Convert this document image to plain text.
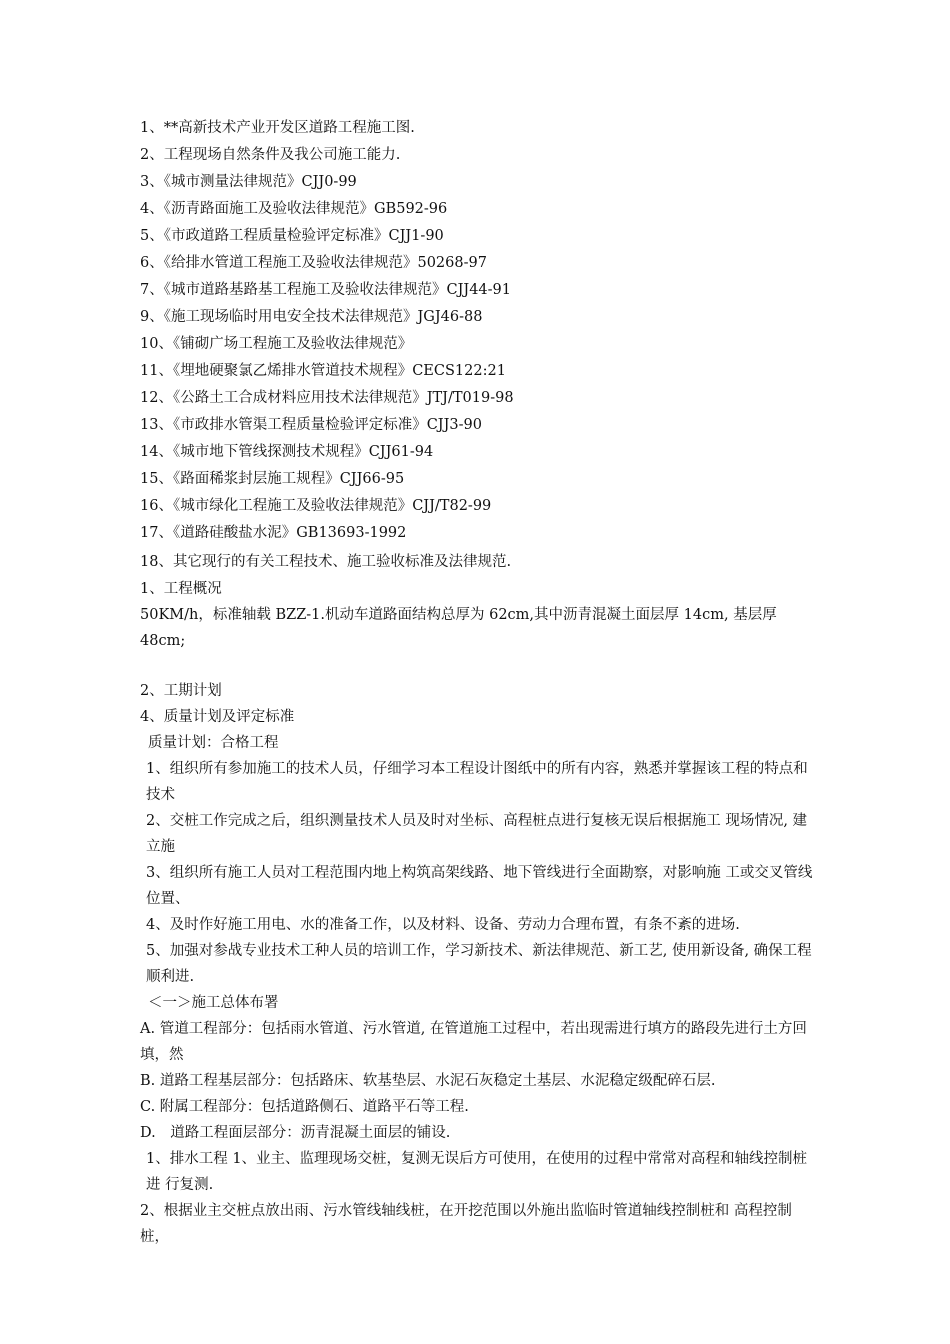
1、**高新技术产业开发区道路工程施工图.
2、工程现场自然条件及我公司施工能力.
3、《城市测量法律规范》CJJ0-99
4、《沥青路面施工及验收法律规范》GB592-96
5、《市政道路工程质量检验评定标准》CJJ1-90
6、《给排水管道工程施工及验收法律规范》50268-97
7、《城市道路基路基工程施工及验收法律规范》CJJ44-91
9、《施工现场临时用电安全技术法律规范》JGJ46-88
10、《铺砌广场工程施工及验收法律规范》
11、《埋地硬聚氯乙烯排水管道技术规程》CECS122:21
12、《公路土工合成材料应用技术法律规范》JTJ/T019-98
13、《市政排水管渠工程质量检验评定标准》CJJ3-90
14、《城市地下管线探测技术规程》CJJ61-94
15、《路面稀浆封层施工规程》CJJ66-95
16、《城市绿化工程施工及验收法律规范》CJJ/T82-99
17、《道路硅酸盐水泥》GB13693-1992
18、其它现行的有关工程技术、施工验收标准及法律规范.
1、工程概况
50KM/h，标准轴载 BZZ-1.机动车道路面结构总厚为 62cm,其中沥青混凝土面层厚 14cm, 基层厚 48cm;
2、工期计划
4、质量计划及评定标准
质量计划：合格工程
1、组织所有参加施工的技术人员，仔细学习本工程设计图纸中的所有内容，熟悉并掌握该工程的特点和技术
2、交桩工作完成之后，组织测量技术人员及时对坐标、高程桩点进行复核无误后根据施工 现场情况, 建立施
3、组织所有施工人员对工程范围内地上构筑高架线路、地下管线进行全面勘察，对影响施 工或交叉管线位置、
4、及时作好施工用电、水的准备工作，以及材料、设备、劳动力合理布置，有条不紊的进场.
5、加强对参战专业技术工种人员的培训工作，学习新技术、新法律规范、新工艺, 使用新设备, 确保工程顺利进.
＜一＞施工总体布署
A. 管道工程部分：包括雨水管道、污水管道, 在管道施工过程中，若出现需进行填方的路段先进行土方回填，然
B. 道路工程基层部分：包括路床、软基垫层、水泥石灰稳定土基层、水泥稳定级配碎石层.
C. 附属工程部分：包括道路侧石、道路平石等工程.
D.　道路工程面层部分：沥青混凝土面层的铺设.
1、排水工程 1、业主、监理现场交桩，复测无误后方可使用，在使用的过程中常常对高程和轴线控制桩进 行复测.
2、根据业主交桩点放出雨、污水管线轴线桩，在开挖范围以外施出监临时管道轴线控制桩和 高程控制桩，
